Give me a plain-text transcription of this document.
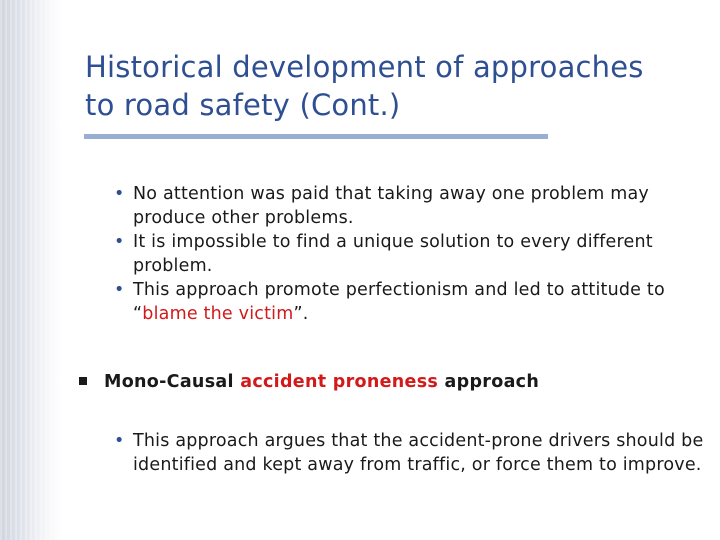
Historical development of approaches
to road safety (Cont.)
• No attention was paid that taking away one problem may produce other problems.
• It is impossible to find a unique solution to every different problem.
• This approach promote perfectionism and led to attitude to “blame the victim”.
Mono-Causal accident proneness approach
• This approach argues that the accident-prone drivers should be identified and kept away from traffic, or force them to improve.
